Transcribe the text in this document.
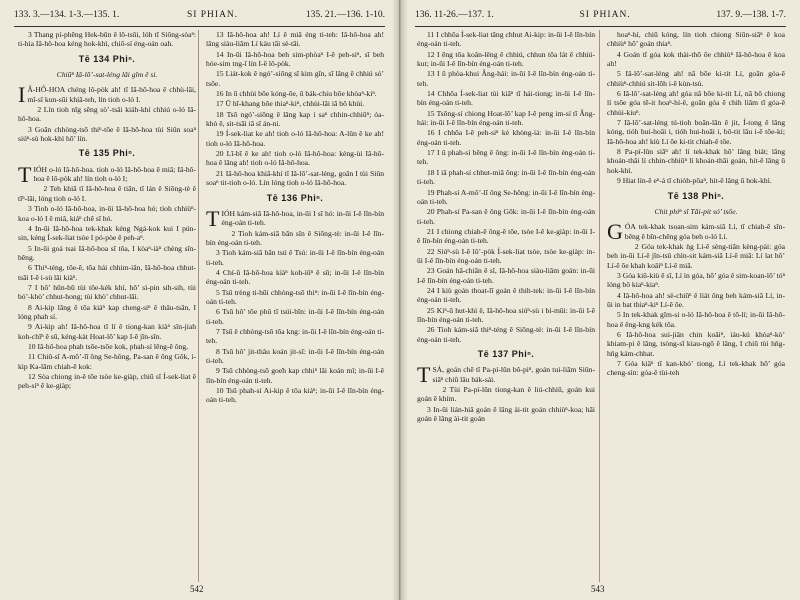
133. 3.—134. 1-3.—135. 1.	SI PHIAN.	135. 21.—136. 1-10.
3 Thang pí-phēng Hek-bûn ê lô-tsûi, lóh tī Siông-sòaⁿ: ti-hia Iâ-hô-hoa kéng hok-khì, chiō-sí éng-oán oah.
Tē 134 Phiⁿ.
Chiūⁿ Iâ-lō’-sat-léng lâi gîm ê si.
I Â-HÔ-HOA chéng lô-pòk ah! tī Iâ-hô-hoa ê chhù-lāi, mî-sî kun-sūi khiā-teh, lín tioh o-ló I.
2 Lín tioh nīg sêng sò’-tsâi kiáh-khí chhiú o-ló Iâ-hô-hoa.
3 Goān chhòng-tsō thiⁿ-tōe ê Iâ-hô-hoa tùi Siûn soaⁿ siúⁿ-sù hok-khì hō’ lín.
Tē 135 Phiⁿ.
TIÓH o-ló Iâ-hô-hoa. tioh o-ló Iâ-hô-hoa ê miâ; Iâ-hô-hoa ê lô-pòk ah! lín tioh o-ló I;
2 Teh khiā tī Iâ-hô-hoa ê tiān, tī lán ê Siōng-tè ê tīⁿ-lāi, lóng tioh o-ló I.
3 Tioh o-ló Iâ-hô-hoa, in-ūi Iâ-hô-hoa hó; tioh chhiùⁿ-koa o-ló I ê miâ, kiáⁿ chē sī hó.
4 In-ūi Iâ-hô-hoa tek-khak kéng Ngá-kok kui I pún-sin, kéng Í-sek-liat tsòe I pó-pòe ê peh-aⁿ.
5 In-ūi goá tsai Iâ-hô-hoa sī tōa, I kòaⁿ-iàⁿ chèng sîn-bêng.
6 Thiⁿ-téng, tōe-ē, tōa hái chhim-iān, Iâ-hô-hoa chhut-tsāi I-ê i-sù lâi kiàⁿ.
7 I hō’ hūn-bū tùi tōe-kék khí, hō’ sì-pin sih-sih, tùi bó’-khò’ chhut-hong; tùi khò’ chhut-lâi.
8 Ai-kip lāng ê tōa kiáⁿ kap cheng-siⁿ ê thâu-tsân, I lóng phah sí.
9 Ai-kip ah! Iâ-hô-hoa tī lí ê tiong-kan kiàⁿ sîn-jiah koh-chīⁿ ê sū, kéng-kàt Hoat-lō’ kap I-ê jîn-sîn.
10 Iâ-hô-hoa phah tsōe-tsōe kok, phah-sí lêng-ê ông,
11 Chiū-sī A-mô’-lī ông Se-hông, Pa-san ê ông Gôk, í-kip Ka-lâm chiah-ē kok:
12 Sòa chiong in-ê tōe tsòe ke-giàp, chiū sī Í-sek-liat ê peh-siⁿ ê ke-giàp;
13 Iâ-hô-hoa ah! Lí ê miâ éng ti-teh: Iâ-hô-hoa ah! lâng siàu-liām Lí kàu tāi sè-tāi.
14 In-ūi Iâ-hô-hoa beh sim-phòaⁿ I-ê peh-siⁿ, sī beh hóe-sim tng-î lín I-ê lô-pòk.
15 Liát-kok ê ngó’-siōng sī kim gîn, sī lâng ê chhiú só’ tsōe.
16 In ū chhùi bōe kóng-ōe, ū bák-chiu bōe khòaⁿ-kiⁿ.
17 Ū hī-khang bōe thiaⁿ-kiⁿ, chhùi-lāi iā bô khùi.
18 Tsō ngó’-siōng ê lâng kap i saⁿ chhin-chhiūⁿ; óa-khò ê, sit-tsāi iā sī án-ni.
19 Í-sek-liat ke ah! tioh o-ló Iâ-hô-hoa: A-lûn ê ke ah! tioh o-ló Iâ-hô-hoa.
20 Lī-bī ê ke ah! tioh o-ló Iâ-hô-hoa: kèng-ùi Iâ-hô-hoa ê lâng ah! tioh o-ló Iâ-hô-hoa.
21 Iâ-hô-hoa khiā-khí tī Iâ-lō’-sat-léng, goân I tùi Siûn soaⁿ tit-tioh o-ló. Lín lóng tioh o-ló Iâ-hô-hoa.
Tē 136 Phiⁿ.
TIÓH kám-siā Iâ-hô-hoa, in-ūi I sī hó: in-ūi I-ê lîn-bín éng-oán ti-teh.
2 Tioh kám-siā bān sîn ê Siōng-tè: in-ūi I-ê lîn-bín éng-oán ti-teh.
3 Tioh kám-siā bān tsú ê Tsú: in-ūi I-ê lîn-bín éng-oán ti-teh.
4 Chí-ū Iâ-hô-hoa kiàⁿ koh-iūⁿ ê sū; in-ūi I-ê lîn-bín éng-oán ti-teh.
5 Tsū trèng ti-hūi chhòng-tsō thiⁿ: in-ūi I-ê lîn-bín éng-oán ti-teh.
6 Tsū hō’ tōe phû tī tsúi-bīn: in-ūi I-ê lîn-bín éng-oán ti-teh.
7 Tsū ê chhòng-tsō tōa kng: in-ūi I-ê lîn-bín éng-oán ti-teh.
8 Tsū hō’ jit-thâu koán jit-sî: in-ūi I-ê lîn-bín éng-oán ti-teh.
9 Tsū chhòng-tsō goe̍h kap chhiⁿ lâi koán mî; in-ūi I-ê lîn-bín éng-oán ti-teh.
10 Tsū phah-sí Ai-kip ê tōa kiáⁿ; in-ūi I-ê lîn-bín éng-oán ti-teh.
542
136. 11-26.—137. 1.	SI PHIAN.	137. 9.—138. 1-7.
11 I chhōa Í-sek-liat tāng chhut Ai-kip: in-ūi I-ê lîn-bín éng-oán ti-teh.
12 I ēng tōa koân-lêng ê chhiú, chhun tōa lát ê chhiú-kut; in-ūi I-ê lîn-bín éng-oán ti-teh.
13 I ū phòa-khui Âng-hái: in-ūi I-ê lîn-bín éng-oán ti-teh.
14 Chhōa Í-sek-liat tùi kiāⁿ tī hái-tiong; in-ūi I-ê lîn-bín éng-oán ti-teh.
15 Tsōng-sí chiong Hoat-lō’ kap I-ê peng im-sí tī Âng-hái: in-ūi I-ê lîn-bín éng-oán ti-teh.
16 I chhōa I-ê peh-siⁿ kè khòng-iá: in-ūi I-ê lîn-bín éng-oán ti-teh.
17 I ū phah-sí bêng ê ông: in-ūi I-ê lîn-bín éng-oán ti-teh.
18 I iā phah-sí chhut-miâ ông: in-ūi I-ê lîn-bín éng-oán ti-teh.
19 Phah-sí A-mô’-lī ông Se-hông: in-ūi I-ê lîn-bín éng-oán ti-teh.
20 Phah-sí Pa-san ê ông Gôk: in-ūi I-ê lîn-bín éng-oán ti-teh.
21 I chiong chiah-ê ông-ê tōe, tsòe I-ê ke-giàp: in-ūi I-ê lîn-bín éng-oán ti-teh.
22 Siúⁿ-sù I-ê lô’-pòk Í-sek-liat tsòe, tsòe ke-giàp: in-ūi I-ê lîn-bín éng-oán ti-teh.
23 Goán hā-chiān ê sî, Iâ-hô-hoa siàu-liām goán: in-ūi I-ê lîn-bín éng-oán ti-teh.
24 I kiù goán thoat-lī goán ê thih-tek: in-ūi I-ê lîn-bín éng-oán ti-teh.
25 Kiⁿ-ū hut-khì ê, Iâ-hô-hoa siúⁿ-sù i bí-mūi: in-ūi I-ê lîn-bín éng-oán ti-teh.
26 Tioh kám-siā thiⁿ-téng ê Siōng-tè: in-ūi I-ê lîn-bín éng-oán ti-teh.
Tē 137 Phiⁿ.
TSÁ, goán chē tī Pa-pí-lûn bô-piⁿ, goán tui-liām Siûn-siāⁿ chiū lâu bák-sái.
2 Tùi Pa-pí-lûn tiong-kan ê liú-chhiū, goán kui goán ê khím.
3 In-ūi lián-hiâ goán ê lâng ài-tit goán chhiùⁿ-koa; hāi goán ê lâng ài-tit goán
hoaⁿ-hí, chiū kóng, lín tioh chiong Siûn-siāⁿ ê koa chhiùⁿ hō’ goán thiaⁿ.
4 Goán tī góa kok thài-thō ōe chhiùⁿ Iâ-hô-hoa ê koa ah!
5 Iâ-lō’-sat-léng ah! nā bōe ki-tit Lí, goān góa-ê chhiùⁿ-chhiú sit-lōh i-ê kùn-tsù.
6 Iâ-lō’-sat-léng ah! góa nā bōe ki-tit Lí, nā bô chiong lí tsōe góa tē-it hoaⁿ-hí-ê, goān góa ê chih liâm tī góa-ê chhùi-kiuⁿ.
7 Iâ-lō’-sat-léng tú-tioh boān-lān ê jit, Í-tong ê lâng kóng, tióh hui-hoāi i, tióh hui-hoāi i, bô-tit lâu i-ê tōe-ki; Iâ-hô-hoa ah! kiù Lí ōe ki-tit chiah-ê tōe.
8 Pa-pí-lûn siāⁿ ah! lí tek-khak hō’ lâng biát; lâng khoán-thāi lí chhin-chhiūⁿ lí khoán-thāi goán, hit-ê lâng ū hok-khì.
9 Hiat lín-ê eⁿ-á tī chióh-pôaⁿ, hit-ê lâng ū hok-khì.
Tē 138 Phiⁿ.
Chit phiⁿ sī Tāi-pit só’ tsōe.
GÓA tek-khak tsoan-sim kám-siā Lí, tī chiah-ê sîn-bêng ê bīn-chêng góa beh o-ló Lí.
2 Góa tek-khak ǹg Lí-ê sèng-tiān kèng-pài: góa beh in-ūi Lí-ê jîn-tsû chìn-sit kám-siā Lí-ê miâ: Lí lat hō’ Lí-ê ōe khah koâiⁿ Lí-ê miâ.
3 Góa kiû-kiù ê sî, Lí ìn góa, hō’ góa ê sim-koan-lō’ tóⁿ lóng bô kiaⁿ-kiaⁿ.
4 Iâ-hô-hoa ah! sè-chiūⁿ ê liát ông beh kám-siā Lí, in-ūi in bat thiaⁿ-kiⁿ Lí-ê ōe.
5 In tek-khak gîm-si o-ló Iâ-hô-hoa ê tō-lí; in-ūi Iâ-hô-hoa ê êng-kng kék tōa.
6 Iâ-hô-hoa sui-jiân chin koâiⁿ, iáu-kú khòaⁿ-kò’ khiam-pi ê lâng, tsòng-sī kiau-ngō ê lâng, I chiū tùi hn̄g-hn̄g kám-chhat.
7 Góa kiâⁿ tī kan-khó’ tiong, Lí tek-khak hō’ góa cheng-sìn: góa-ê tùi-teh
543
